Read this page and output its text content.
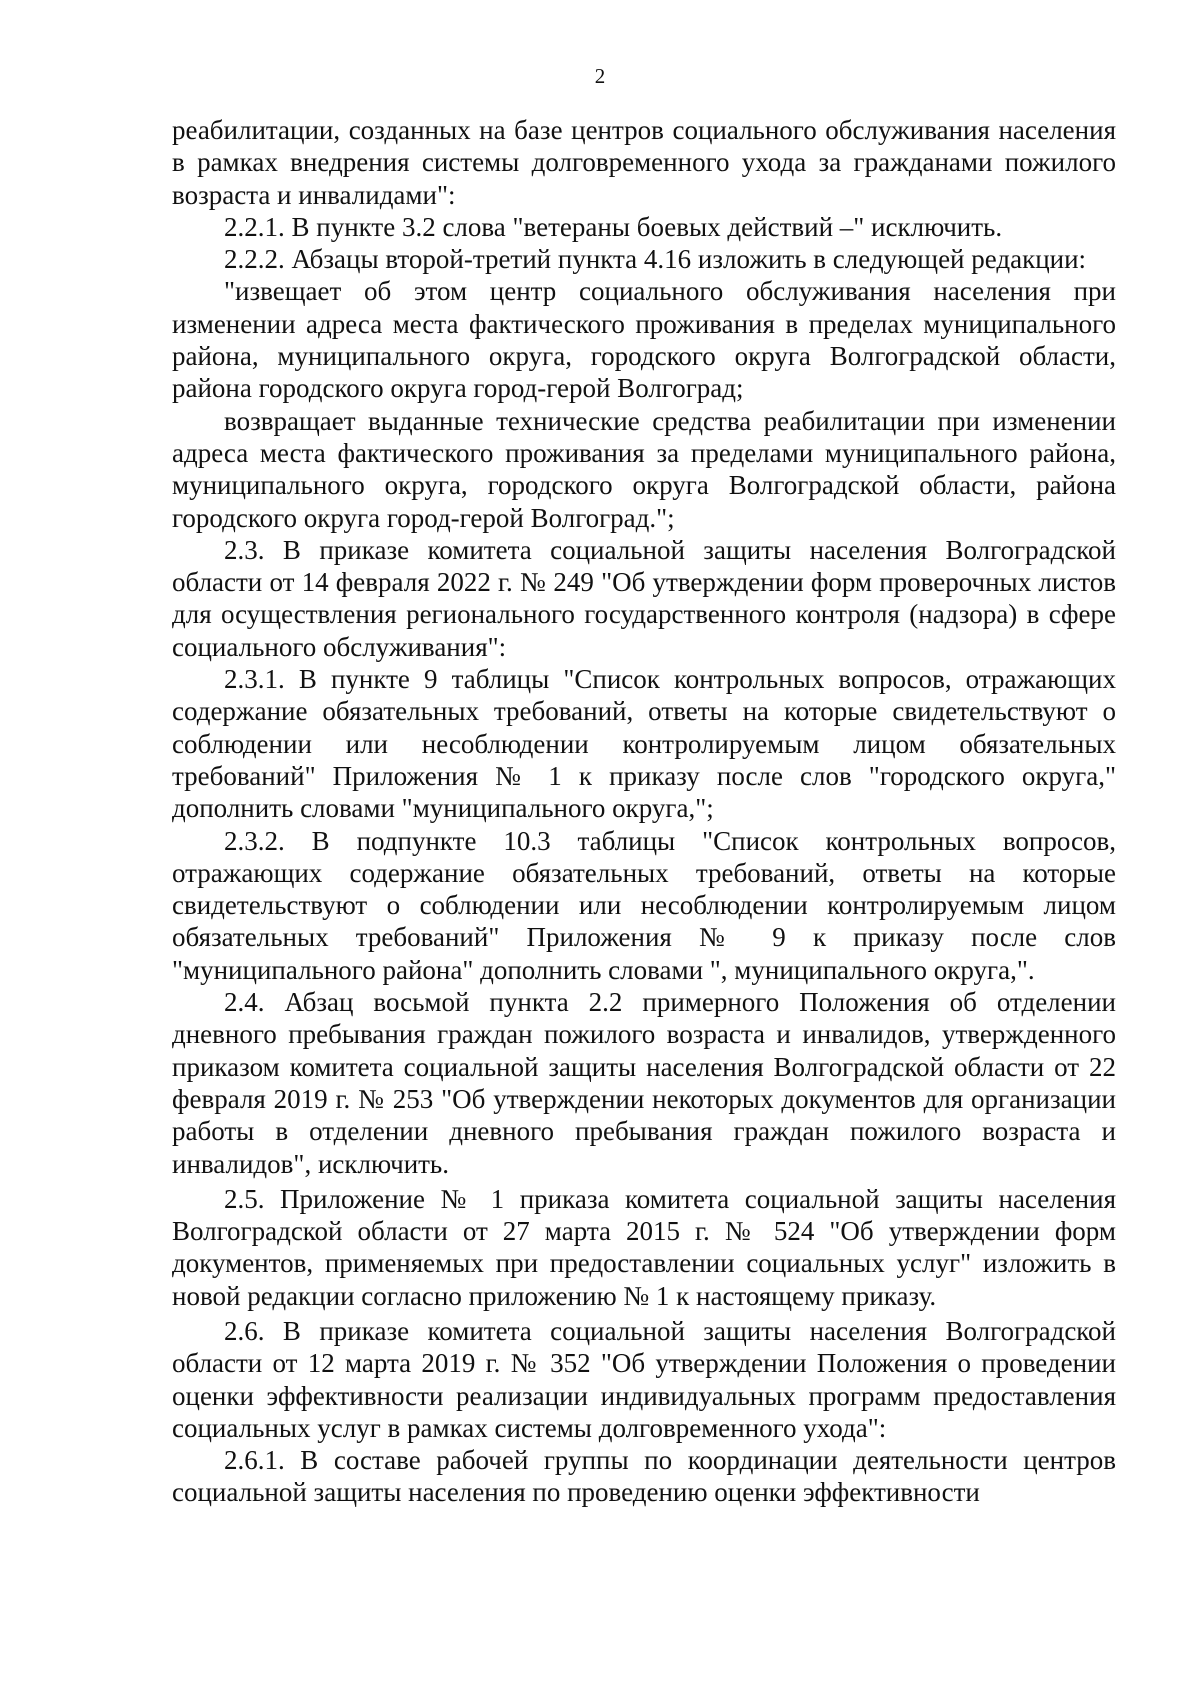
2

реабилитации, созданных на базе центров социального обслуживания населения в рамках внедрения системы долговременного ухода за гражданами пожилого возраста и инвалидами":

2.2.1. В пункте 3.2 слова "ветераны боевых действий –" исключить.

2.2.2. Абзацы второй-третий пункта 4.16 изложить в следующей редакции:

"извещает об этом центр социального обслуживания населения при изменении адреса места фактического проживания в пределах муниципального района, муниципального округа, городского округа Волгоградской области, района городского округа город-герой Волгоград;

возвращает выданные технические средства реабилитации при изменении адреса места фактического проживания за пределами муниципального района, муниципального округа, городского округа Волгоградской области, района городского округа город-герой Волгоград.";

2.3. В приказе комитета социальной защиты населения Волгоградской области от 14 февраля 2022 г. № 249 "Об утверждении форм проверочных листов для осуществления регионального государственного контроля (надзора) в сфере социального обслуживания":

2.3.1. В пункте 9 таблицы "Список контрольных вопросов, отражающих содержание обязательных требований, ответы на которые свидетельствуют о соблюдении или несоблюдении контролируемым лицом обязательных требований" Приложения № 1 к приказу после слов "городского округа," дополнить словами "муниципального округа,";

2.3.2. В подпункте 10.3 таблицы "Список контрольных вопросов, отражающих содержание обязательных требований, ответы на которые свидетельствуют о соблюдении или несоблюдении контролируемым лицом обязательных требований" Приложения № 9 к приказу после слов "муниципального района" дополнить словами ", муниципального округа,".

2.4. Абзац восьмой пункта 2.2 примерного Положения об отделении дневного пребывания граждан пожилого возраста и инвалидов, утвержденного приказом комитета социальной защиты населения Волгоградской области от 22 февраля 2019 г. № 253 "Об утверждении некоторых документов для организации работы в отделении дневного пребывания граждан пожилого возраста и инвалидов", исключить.

2.5. Приложение № 1 приказа комитета социальной защиты населения Волгоградской области от 27 марта 2015 г. № 524 "Об утверждении форм документов, применяемых при предоставлении социальных услуг" изложить в новой редакции согласно приложению № 1 к настоящему приказу.

2.6. В приказе комитета социальной защиты населения Волгоградской области от 12 марта 2019 г. № 352 "Об утверждении Положения о проведении оценки эффективности реализации индивидуальных программ предоставления социальных услуг в рамках системы долговременного ухода":

2.6.1. В составе рабочей группы по координации деятельности центров социальной защиты населения по проведению оценки эффективности
